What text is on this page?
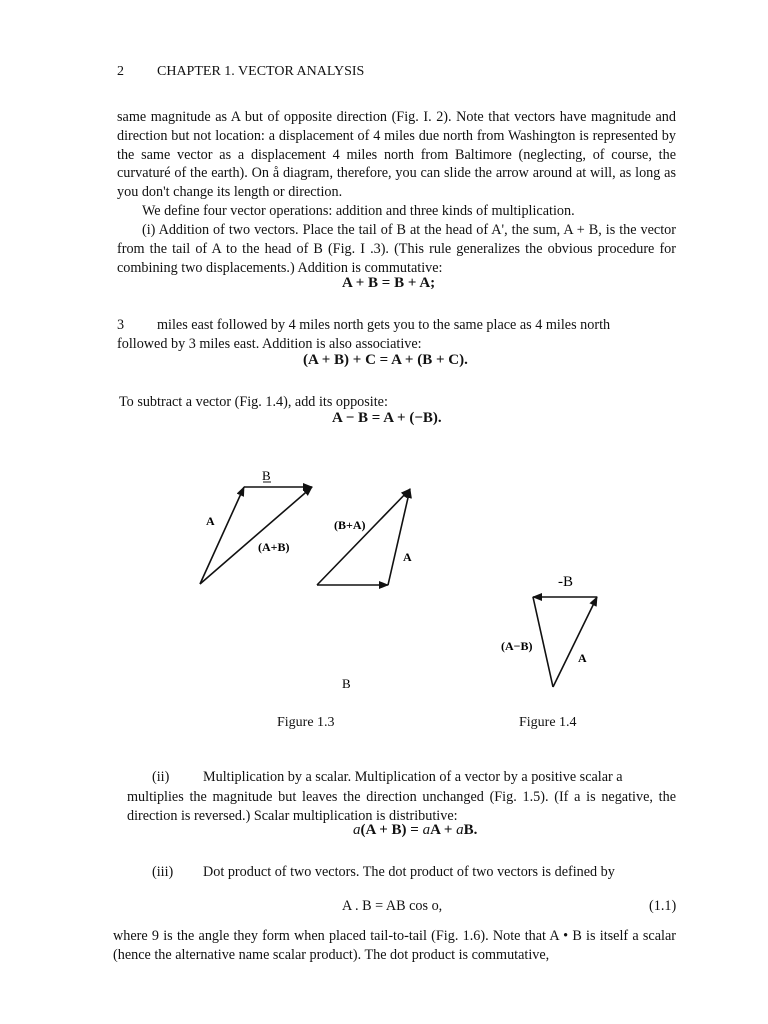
2 CHAPTER 1. VECTOR ANALYSIS

same magnitude as A but of opposite direction (Fig. I. 2). Note that vectors have magnitude and direction but not location: a displacement of 4 miles due north from Washington is represented by the same vector as a displacement 4 miles north from Baltimore (neglecting, of course, the curvaturé of the earth). On å diagram, therefore, you can slide the arrow around at will, as long as you don't change its length or direction.

We define four vector operations: addition and three kinds of multiplication.

(i) Addition of two vectors. Place the tail of B at the head of A', the sum, A + B, is the vector from the tail of A to the head of B (Fig. I .3). (This rule generalizes the obvious procedure for combining two displacements.) Addition is commutative:

A + B = B + A;
3 miles east followed by 4 miles north gets you to the same place as 4 miles north
followed by 3 miles east. Addition is also associative:
(A + B) + C = A + (B + C).
To subtract a vector (Fig. 1.4), add its opposite:
A − B = A + (−B).
B
A
(A+B)
(B+A)
A
B
-B
(A−B)
A
Figure 1.3	Figure 1.4
(ii) Multiplication by a scalar. Multiplication of a vector by a positive scalar a

multiplies the magnitude but leaves the direction unchanged (Fig. 1.5). (If a is negative, the direction is reversed.) Scalar multiplication is distributive:

a(A + B) = aA + aB.
(iii) Dot product of two vectors. The dot product of two vectors is defined by
A . B = AB cos o,	(1.1)

where 9 is the angle they form when placed tail-to-tail (Fig. 1.6). Note that A • B is itself a scalar (hence the alternative name scalar product). The dot product is commutative,
